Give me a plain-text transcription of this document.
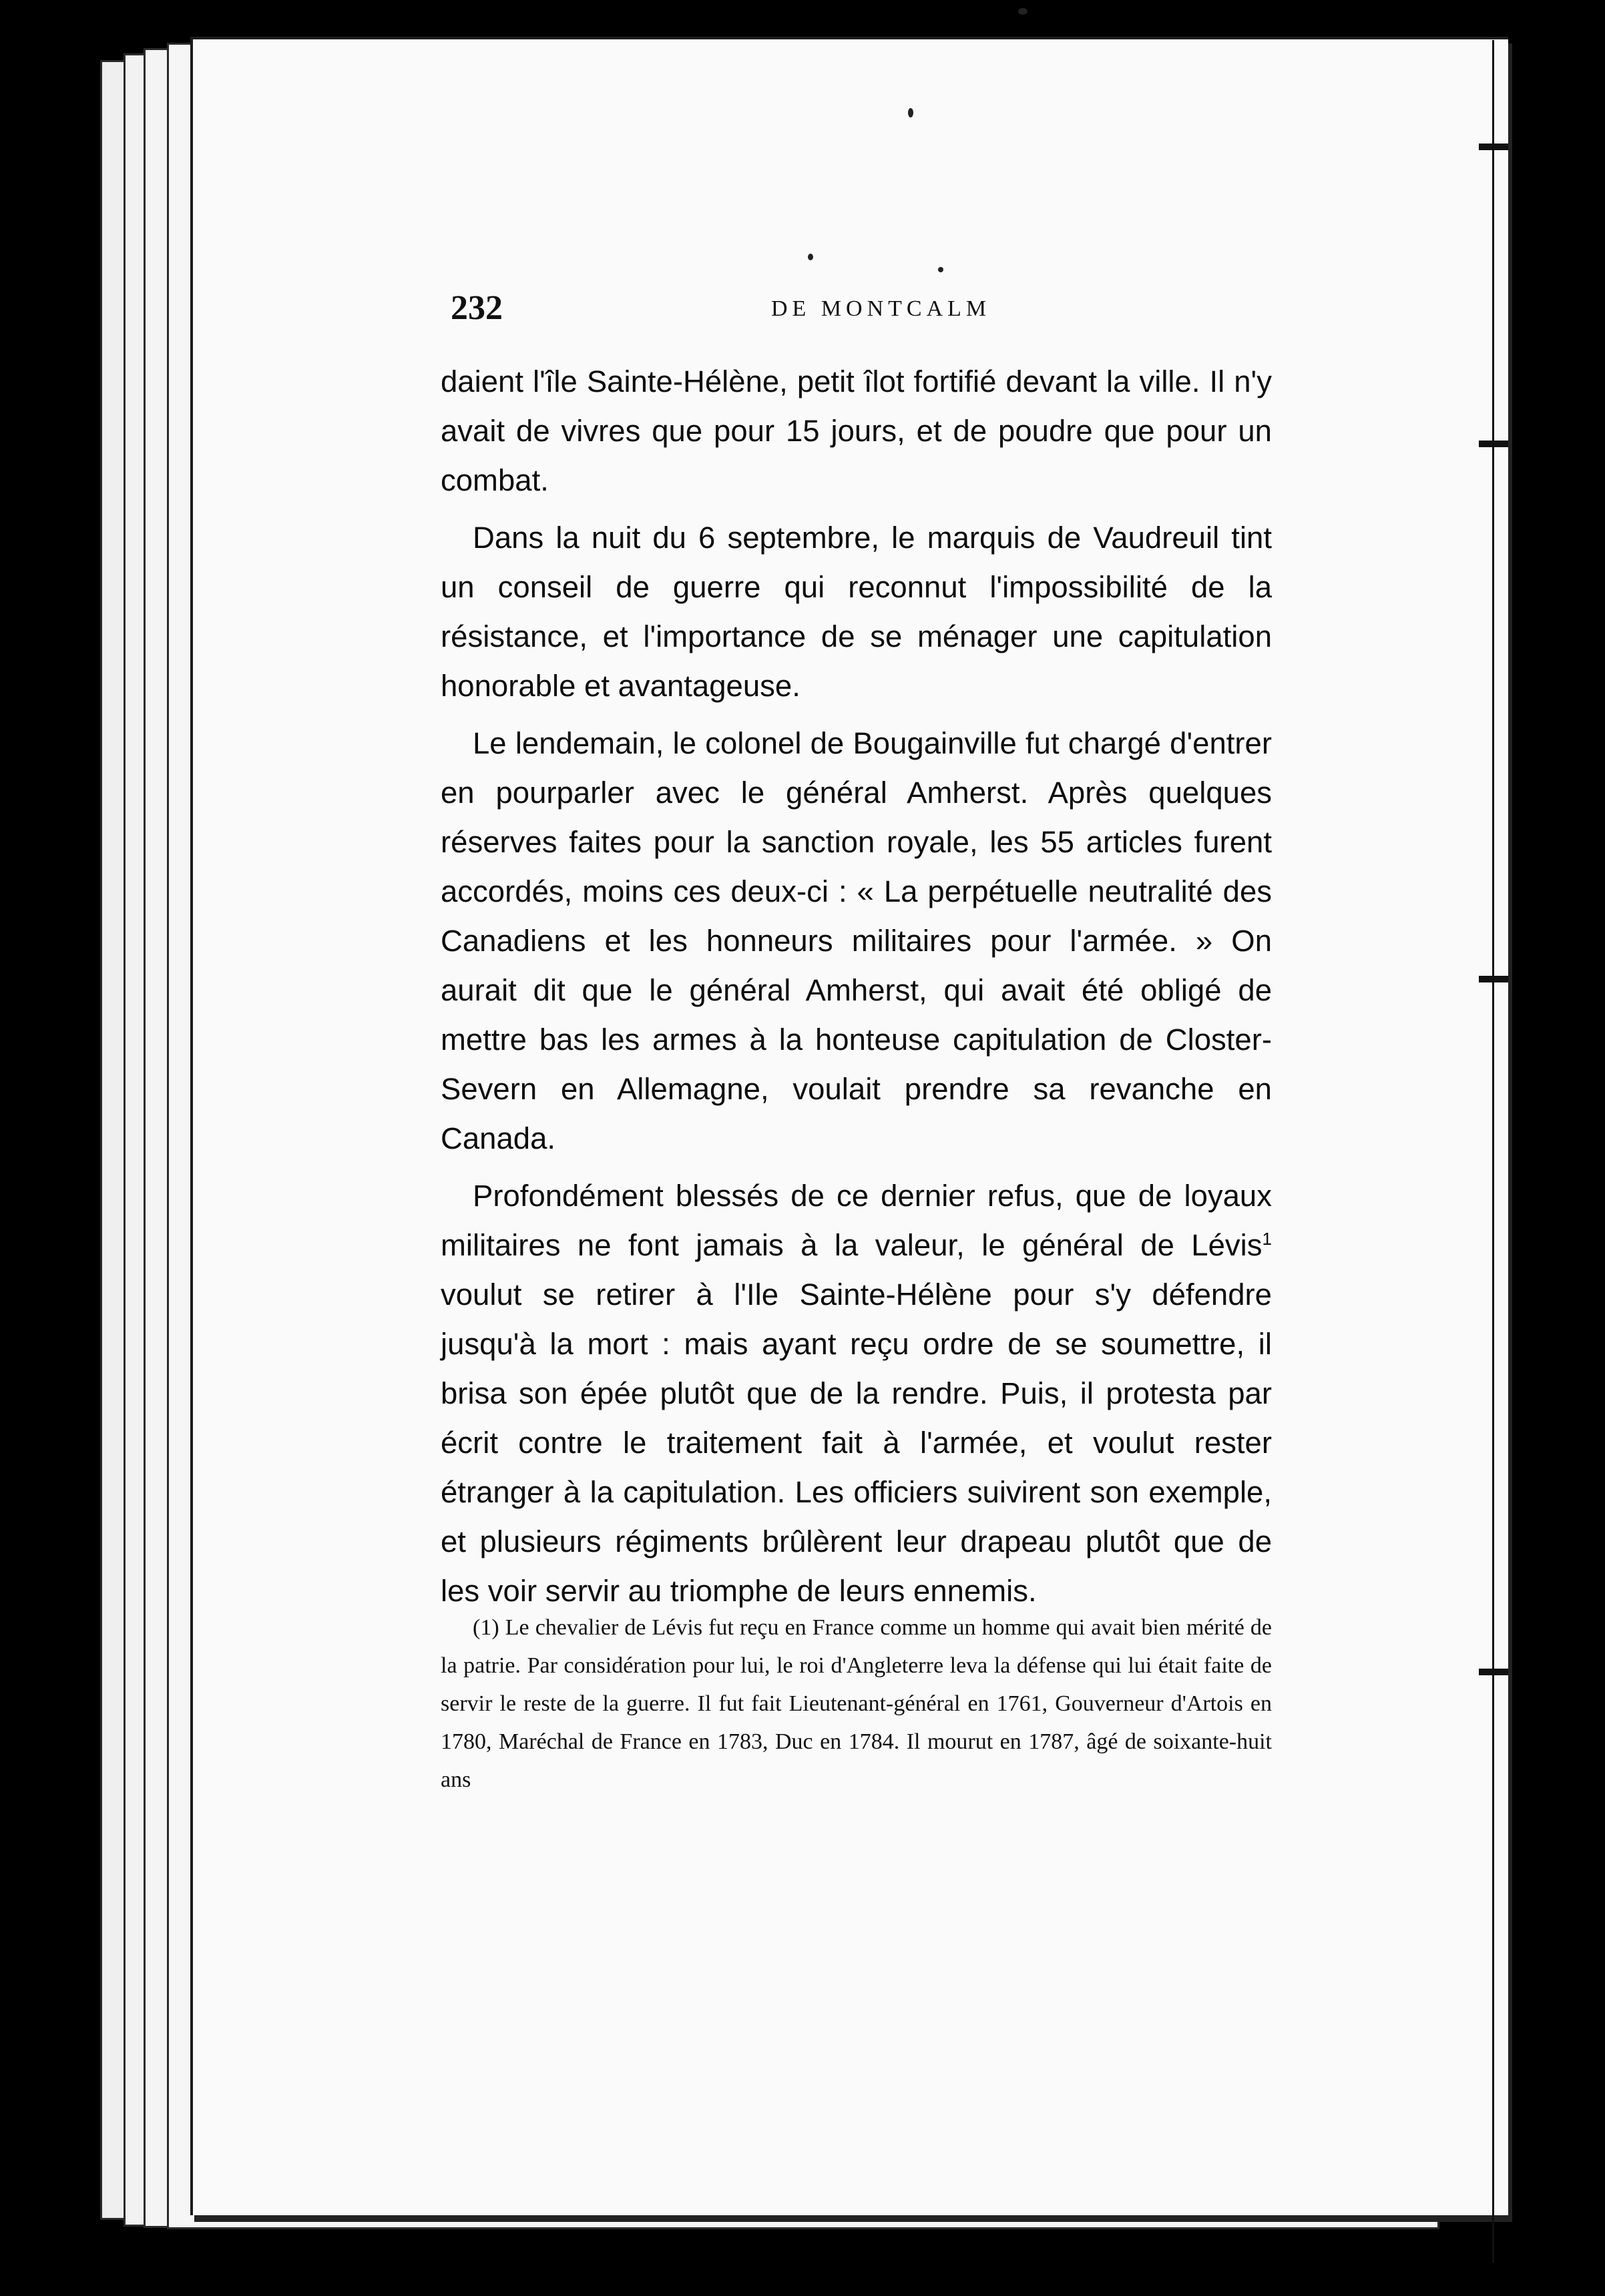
232	DE MONTCALM

daient l'île Sainte-Hélène, petit îlot fortifié devant la ville. Il n'y avait de vivres que pour 15 jours, et de poudre que pour un combat.

Dans la nuit du 6 septembre, le marquis de Vaudreuil tint un conseil de guerre qui reconnut l'impossibilité de la résistance, et l'importance de se ménager une capitulation honorable et avantageuse.

Le lendemain, le colonel de Bougainville fut chargé d'entrer en pourparler avec le général Amherst. Après quelques réserves faites pour la sanction royale, les 55 articles furent accordés, moins ces deux-ci : « La perpétuelle neutralité des Canadiens et les honneurs militaires pour l'armée. » On aurait dit que le général Amherst, qui avait été obligé de mettre bas les armes à la honteuse capitulation de Closter-Severn en Allemagne, voulait prendre sa revanche en Canada.

Profondément blessés de ce dernier refus, que de loyaux militaires ne font jamais à la valeur, le général de Lévis$^1$ voulut se retirer à l'Ile Sainte-Hélène pour s'y défendre jusqu'à la mort : mais ayant reçu ordre de se soumettre, il brisa son épée plutôt que de la rendre. Puis, il protesta par écrit contre le traitement fait à l'armée, et voulut rester étranger à la capitulation. Les officiers suivirent son exemple, et plusieurs régiments brûlèrent leur drapeau plutôt que de les voir servir au triomphe de leurs ennemis.

(1) Le chevalier de Lévis fut reçu en France comme un homme qui avait bien mérité de la patrie. Par considération pour lui, le roi d'Angleterre leva la défense qui lui était faite de servir le reste de la guerre. Il fut fait Lieutenant-général en 1761, Gouverneur d'Artois en 1780, Maréchal de France en 1783, Duc en 1784. Il mourut en 1787, âgé de soixante-huit ans
